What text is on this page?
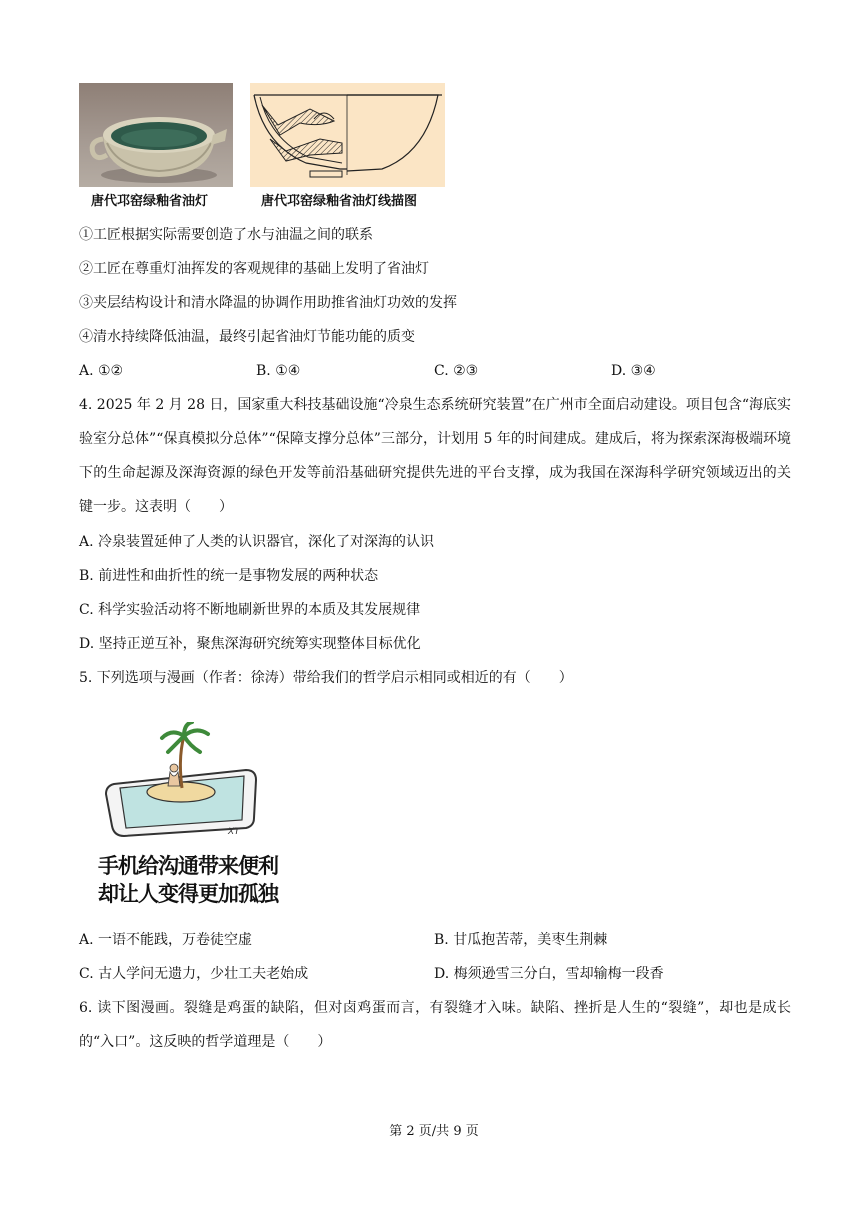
唐代邛窑绿釉省油灯	唐代邛窑绿釉省油灯线描图
①工匠根据实际需要创造了水与油温之间的联系
②工匠在尊重灯油挥发的客观规律的基础上发明了省油灯
③夹层结构设计和清水降温的协调作用助推省油灯功效的发挥
④清水持续降低油温，最终引起省油灯节能功能的质变
A. ①②	B. ①④	C. ②③	D. ③④
4. 2025 年 2 月 28 日，国家重大科技基础设施“冷泉生态系统研究装置”在广州市全面启动建设。项目包含“海底实验室分总体”“保真模拟分总体”“保障支撑分总体”三部分，计划用 5 年的时间建成。建成后，将为探索深海极端环境下的生命起源及深海资源的绿色开发等前沿基础研究提供先进的平台支撑，成为我国在深海科学研究领域迈出的关键一步。这表明（　　）
A. 冷泉装置延伸了人类的认识器官，深化了对深海的认识
B. 前进性和曲折性的统一是事物发展的两种状态
C. 科学实验活动将不断地刷新世界的本质及其发展规律
D. 坚持正逆互补，聚焦深海研究统筹实现整体目标优化
5. 下列选项与漫画（作者：徐涛）带给我们的哲学启示相同或相近的有（　　）
XT
手机给沟通带来便利
却让人变得更加孤独
A. 一语不能践，万卷徒空虚	B. 甘瓜抱苦蒂，美枣生荆棘
C. 古人学问无遗力，少壮工夫老始成	D. 梅须逊雪三分白，雪却输梅一段香
6. 读下图漫画。裂缝是鸡蛋的缺陷，但对卤鸡蛋而言，有裂缝才入味。缺陷、挫折是人生的“裂缝”，却也是成长的“入口”。这反映的哲学道理是（　　）
第 2 页/共 9 页
